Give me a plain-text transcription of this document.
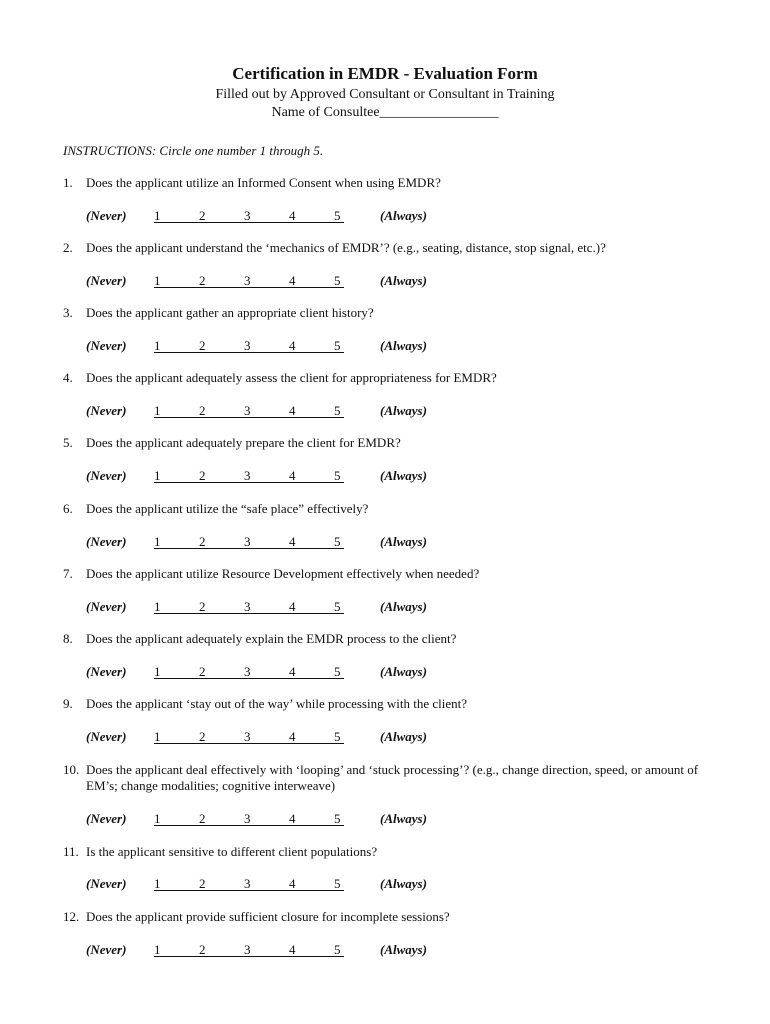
Certification in EMDR - Evaluation Form
Filled out by Approved Consultant or Consultant in Training
Name of Consultee_________________
INSTRUCTIONS: Circle one number 1 through 5.
1.	Does the applicant utilize an Informed Consent when using EMDR?
(Never) 1	2	3	4	5	(Always)
2.	Does the applicant understand the ‘mechanics of EMDR’? (e.g., seating, distance, stop signal, etc.)?
(Never) 1	2	3	4	5	(Always)
3.	Does the applicant gather an appropriate client history?
(Never) 1	2	3	4	5	(Always)
4.	Does the applicant adequately assess the client for appropriateness for EMDR?
(Never) 1	2	3	4	5	(Always)
5.	Does the applicant adequately prepare the client for EMDR?
(Never) 1	2	3	4	5	(Always)
6.	Does the applicant utilize the “safe place” effectively?
(Never) 1	2	3	4	5	(Always)
7.	Does the applicant utilize Resource Development effectively when needed?
(Never) 1	2	3	4	5	(Always)
8.	Does the applicant adequately explain the EMDR process to the client?
(Never) 1	2	3	4	5	(Always)
9.	Does the applicant ‘stay out of the way’ while processing with the client?
(Never) 1	2	3	4	5	(Always)
10. Does the applicant deal effectively with ‘looping’ and ‘stuck processing’? (e.g., change direction, speed, or amount of EM’s; change modalities; cognitive interweave)
(Never) 1	2	3	4	5	(Always)
11. Is the applicant sensitive to different client populations?
(Never) 1	2	3	4	5	(Always)
12. Does the applicant provide sufficient closure for incomplete sessions?
(Never) 1	2	3	4	5	(Always)
